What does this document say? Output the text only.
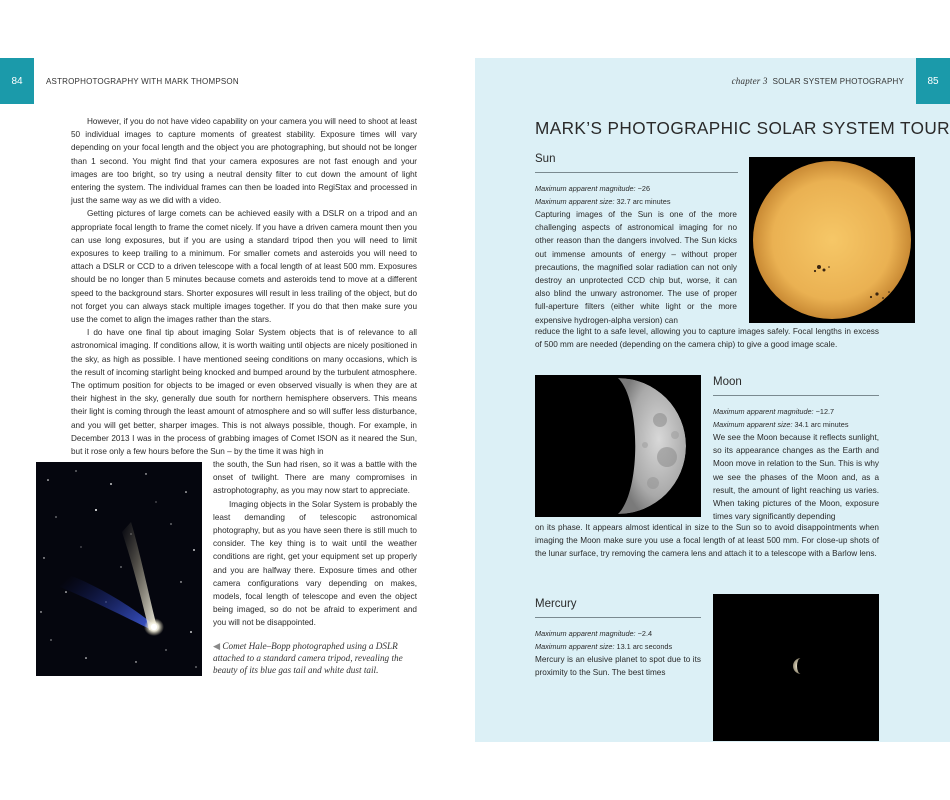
84	ASTROPHOTOGRAPHY WITH MARK THOMPSON

However, if you do not have video capability on your camera you will need to shoot at least 50 individual images to capture moments of greatest stability. Exposure times will vary depending on your focal length and the object you are photographing, but should not be longer than 1 second. You might find that your camera exposures are not fast enough and your images are too bright, so try using a neutral density filter to cut down the amount of light entering the system. The individual frames can then be loaded into RegiStax and processed in just the same way as we did with a video.

Getting pictures of large comets can be achieved easily with a DSLR on a tripod and an appropriate focal length to frame the comet nicely. If you have a driven camera mount then you can use long exposures, but if you are using a standard tripod then you will need to limit exposures to keep trailing to a minimum. For smaller comets and asteroids you will need to attach a DSLR or CCD to a driven telescope with a focal length of at least 500 mm. Exposures should be no longer than 5 minutes because comets and asteroids tend to move at a different speed to the background stars. Shorter exposures will result in less trailing of the object, but do not forget you can always stack multiple images together. If you do that then make sure you use the comet to align the images rather than the stars.

I do have one final tip about imaging Solar System objects that is of relevance to all astronomical imaging. If conditions allow, it is worth waiting until objects are nicely positioned in the sky, as high as possible. I have mentioned seeing conditions on many occasions, which is the result of incoming starlight being knocked and bumped around by the turbulent atmosphere. The optimum position for objects to be imaged or even observed visually is when they are at their highest in the sky, generally due south for northern hemisphere observers. This means their light is coming through the least amount of atmosphere and so will suffer less disturbance, and you will get better, sharper images. This is not always possible, though. For example, in December 2013 I was in the process of grabbing images of Comet ISON as it neared the Sun, but it rose only a few hours before the Sun – by the time it was high in

the south, the Sun had risen, so it was a battle with the onset of twilight. There are many compromises in astrophotography, as you may now start to appreciate.

Imaging objects in the Solar System is probably the least demanding of telescopic astronomical photography, but as you have seen there is still much to consider. The key thing is to wait until the weather conditions are right, get your equipment set up properly and you are halfway there. Exposure times and other camera configurations vary depending on makes, models, focal length of telescope and even the object being imaged, so do not be afraid to experiment and you will not be disappointed.

◀ Comet Hale–Bopp photographed using a DSLR attached to a standard camera tripod, revealing the beauty of its blue gas tail and white dust tail.

chapter 3 SOLAR SYSTEM PHOTOGRAPHY	85
MARK’S PHOTOGRAPHIC SOLAR SYSTEM TOUR
Sun

Maximum apparent magnitude: −26

Maximum apparent size: 32.7 arc minutes

Capturing images of the Sun is one of the more challenging aspects of astronomical imaging for no other reason than the dangers involved. The Sun kicks out immense amounts of energy – without proper precautions, the magnified solar radiation can not only destroy an unprotected CCD chip but, worse, it can also blind the unwary astronomer. The use of proper full-aperture filters (either white light or the more expensive hydrogen-alpha version) can

reduce the light to a safe level, allowing you to capture images safely. Focal lengths in excess of 500 mm are needed (depending on the camera chip) to give a good image scale.

Moon

Maximum apparent magnitude: −12.7

Maximum apparent size: 34.1 arc minutes

We see the Moon because it reflects sunlight, so its appearance changes as the Earth and Moon move in relation to the Sun. This is why we see the phases of the Moon and, as a result, the amount of light reaching us varies. When taking pictures of the Moon, exposure times vary significantly depending

on its phase. It appears almost identical in size to the Sun so to avoid disappointments when imaging the Moon make sure you use a focal length of at least 500 mm. For close-up shots of the lunar surface, try removing the camera lens and attach it to a telescope with a Barlow lens.

Mercury

Maximum apparent magnitude: −2.4

Maximum apparent size: 13.1 arc seconds

Mercury is an elusive planet to spot due to its proximity to the Sun. The best times
